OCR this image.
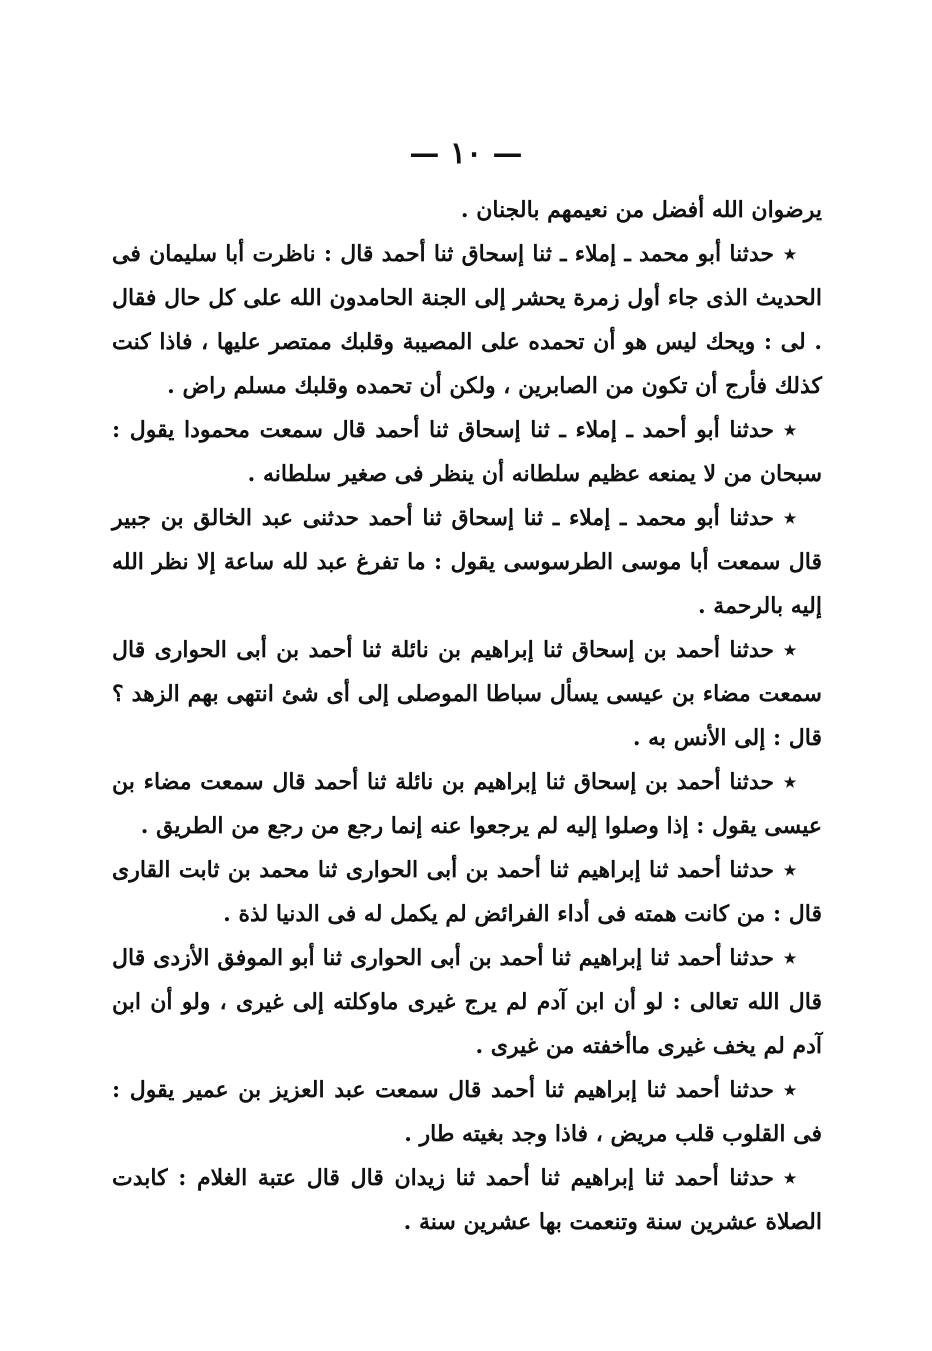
— ١٠ —

يرضوان الله أفضل من نعيمهم بالجنان .

٭حدثنا أبو محمد ـ إملاء ـ ثنا إسحاق ثنا أحمد قال : ناظرت أبا سليمان فى الحديث الذى جاء أول زمرة يحشر إلى الجنة الحامدون الله على كل حال فقال . لى : ويحك ليس هو أن تحمده على المصيبة وقلبك ممتصر عليها ، فاذا كنت كذلك فأرج أن تكون من الصابرين ، ولكن أن تحمده وقلبك مسلم راض .

٭حدثنا أبو أحمد ـ إملاء ـ ثنا إسحاق ثنا أحمد قال سمعت محمودا يقول : سبحان من لا يمنعه عظيم سلطانه أن ينظر فى صغير سلطانه .

٭حدثنا أبو محمد ـ إملاء ـ ثنا إسحاق ثنا أحمد حدثنى عبد الخالق بن جبير قال سمعت أبا موسى الطرسوسى يقول : ما تفرغ عبد لله ساعة إلا نظر الله إليه بالرحمة .

٭حدثنا أحمد بن إسحاق ثنا إبراهيم بن نائلة ثنا أحمد بن أبى الحوارى قال سمعت مضاء بن عيسى يسأل سباطا الموصلى إلى أى شئ انتهى بهم الزهد ؟ قال : إلى الأنس به .

٭حدثنا أحمد بن إسحاق ثنا إبراهيم بن نائلة ثنا أحمد قال سمعت مضاء بن عيسى يقول : إذا وصلوا إليه لم يرجعوا عنه إنما رجع من رجع من الطريق .

٭حدثنا أحمد ثنا إبراهيم ثنا أحمد بن أبى الحوارى ثنا محمد بن ثابت القارى قال : من كانت همته فى أداء الفرائض لم يكمل له فى الدنيا لذة .

٭حدثنا أحمد ثنا إبراهيم ثنا أحمد بن أبى الحوارى ثنا أبو الموفق الأزدى قال قال الله تعالى : لو أن ابن آدم لم يرج غيرى ماوكلته إلى غيرى ، ولو أن ابن آدم لم يخف غيرى ماأخفته من غيرى .

٭حدثنا أحمد ثنا إبراهيم ثنا أحمد قال سمعت عبد العزيز بن عمير يقول : فى القلوب قلب مريض ، فاذا وجد بغيته طار .

٭حدثنا أحمد ثنا إبراهيم ثنا أحمد ثنا زيدان قال قال عتبة الغلام : كابدت الصلاة عشرين سنة وتنعمت بها عشرين سنة .
